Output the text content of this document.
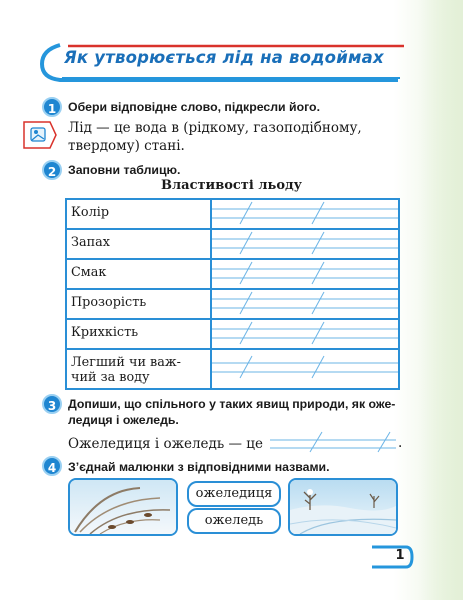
Як утворюється лід на водоймах
1 Обери відповідне слово, підкресли його.
Лід — це вода в (рідкому, газоподібному,
твердому) стані.
2 Заповни таблицю.
Властивості льоду
Колір
Запах
Смак
Прозорість
Крихкість
Легший чи важ-
чий за воду
3 Допиши, що спільного у таких явищ природи, як оже-
ледиця і ожеледь.
Ожеледиця і ожеледь — це	.
4 З’єднай малюнки з відповідними назвами.
ожеледиця
ожеледь
1
